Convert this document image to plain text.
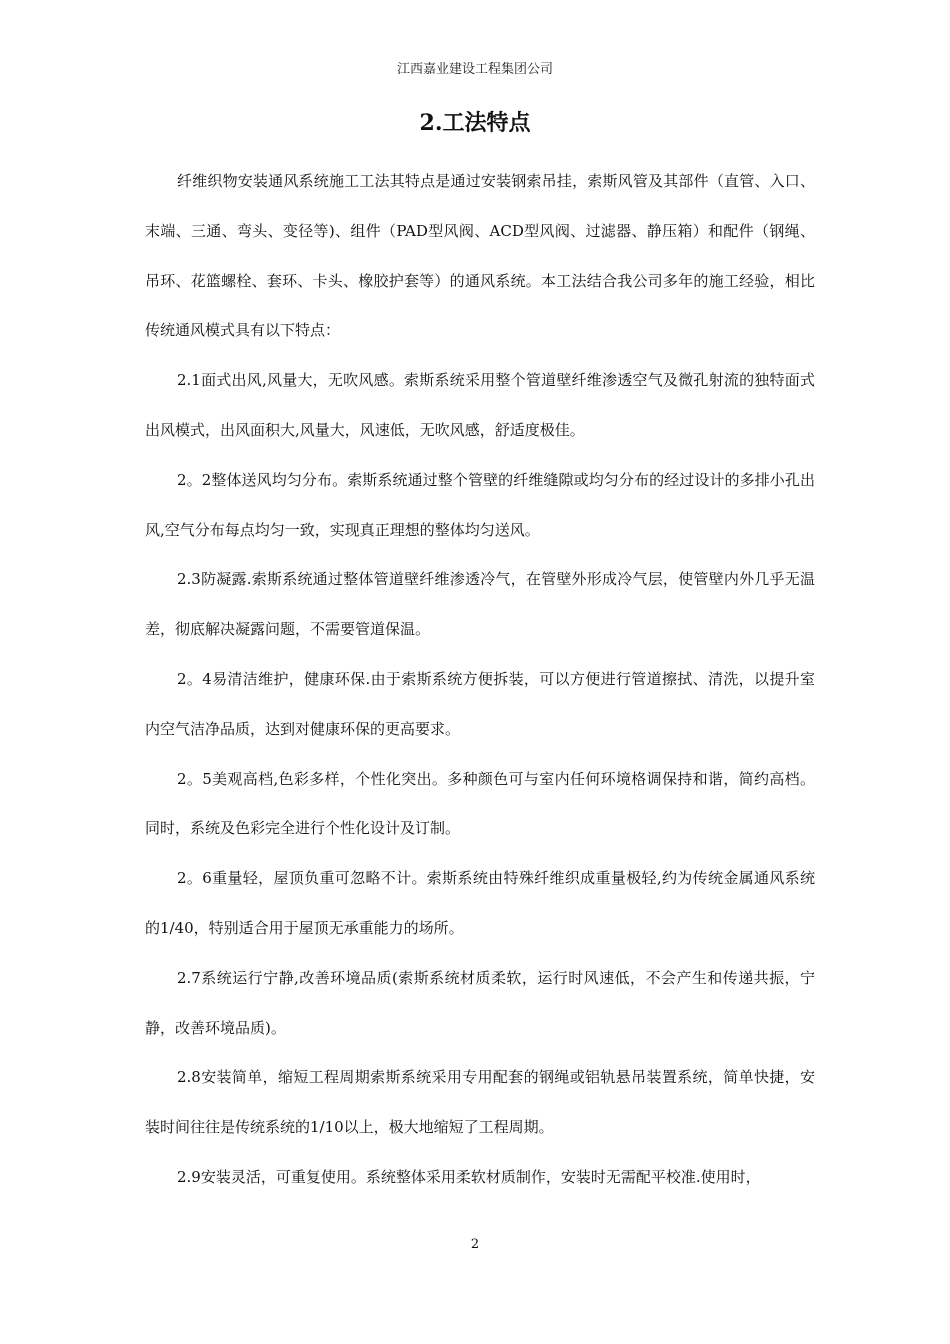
江西嘉业建设工程集团公司
2.工法特点

纤维织物安装通风系统施工工法其特点是通过安装钢索吊挂，索斯风管及其部件（直管、入口、末端、三通、弯头、变径等)、组件（PAD型风阀、ACD型风阀、过滤器、静压箱）和配件（钢绳、吊环、花篮螺栓、套环、卡头、橡胶护套等）的通风系统。本工法结合我公司多年的施工经验，相比传统通风模式具有以下特点：

2.1面式出风,风量大，无吹风感。索斯系统采用整个管道壁纤维渗透空气及微孔射流的独特面式出风模式，出风面积大,风量大，风速低，无吹风感，舒适度极佳。

2。2整体送风均匀分布。索斯系统通过整个管壁的纤维缝隙或均匀分布的经过设计的多排小孔出风,空气分布每点均匀一致，实现真正理想的整体均匀送风。

2.3防凝露.索斯系统通过整体管道壁纤维渗透冷气，在管壁外形成冷气层，使管壁内外几乎无温差，彻底解决凝露问题，不需要管道保温。

2。4易清洁维护，健康环保.由于索斯系统方便拆装，可以方便进行管道擦拭、清洗，以提升室内空气洁净品质，达到对健康环保的更高要求。

2。5美观高档,色彩多样，个性化突出。多种颜色可与室内任何环境格调保持和谐，简约高档。同时，系统及色彩完全进行个性化设计及订制。

2。6重量轻，屋顶负重可忽略不计。索斯系统由特殊纤维织成重量极轻,约为传统金属通风系统的1/40，特别适合用于屋顶无承重能力的场所。

2.7系统运行宁静,改善环境品质(索斯系统材质柔软，运行时风速低，不会产生和传递共振，宁静，改善环境品质)。

2.8安装简单，缩短工程周期索斯系统采用专用配套的钢绳或铝轨悬吊装置系统，简单快捷，安装时间往往是传统系统的1/10以上，极大地缩短了工程周期。

2.9安装灵活，可重复使用。系统整体采用柔软材质制作，安装时无需配平校准.使用时，

2
